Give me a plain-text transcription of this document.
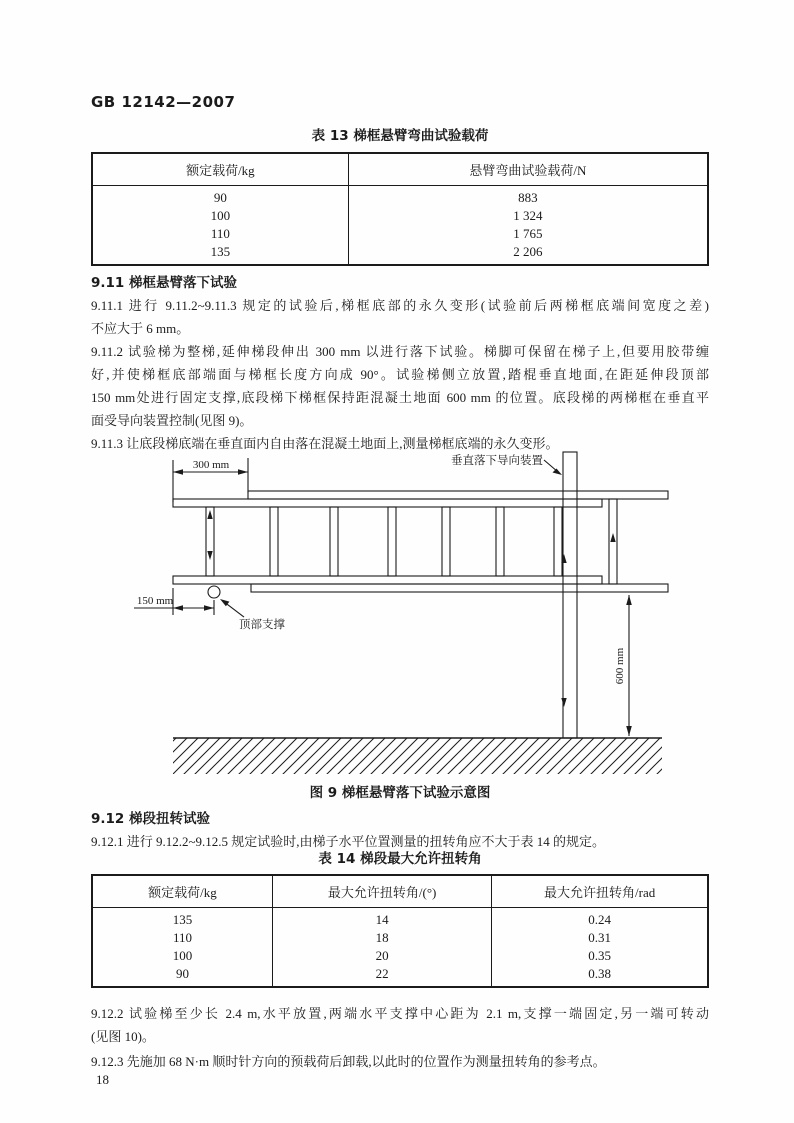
GB 12142—2007
表 13 梯框悬臂弯曲试验载荷
额定载荷/kg	悬臂弯曲试验载荷/N
90	883
100	1 324
110	1 765
135	2 206
9.11 梯框悬臂落下试验
9.11.1 进行 9.11.2~9.11.3 规定的试验后,梯框底部的永久变形(试验前后两梯框底端间宽度之差)
不应大于 6 mm。
9.11.2 试验梯为整梯,延伸梯段伸出 300 mm 以进行落下试验。梯脚可保留在梯子上,但要用胶带缠
好,并使梯框底部端面与梯框长度方向成 90°。试验梯侧立放置,踏棍垂直地面,在距延伸段顶部
150 mm处进行固定支撑,底段梯下梯框保持距混凝土地面 600 mm 的位置。底段梯的两梯框在垂直平
面受导向装置控制(见图 9)。
9.11.3 让底段梯底端在垂直面内自由落在混凝土地面上,测量梯框底端的永久变形。
300 mm
150 mm
600 mm
垂直落下导向装置
顶部支撑
图 9 梯框悬臂落下试验示意图
9.12 梯段扭转试验
9.12.1 进行 9.12.2~9.12.5 规定试验时,由梯子水平位置测量的扭转角应不大于表 14 的规定。
表 14 梯段最大允许扭转角
额定载荷/kg	最大允许扭转角/(°)	最大允许扭转角/rad
135	14	0.24
110	18	0.31
100	20	0.35
90	22	0.38
9.12.2 试验梯至少长 2.4 m,水平放置,两端水平支撑中心距为 2.1 m,支撑一端固定,另一端可转动
(见图 10)。
9.12.3 先施加 68 N·m 顺时针方向的预载荷后卸载,以此时的位置作为测量扭转角的参考点。
18
